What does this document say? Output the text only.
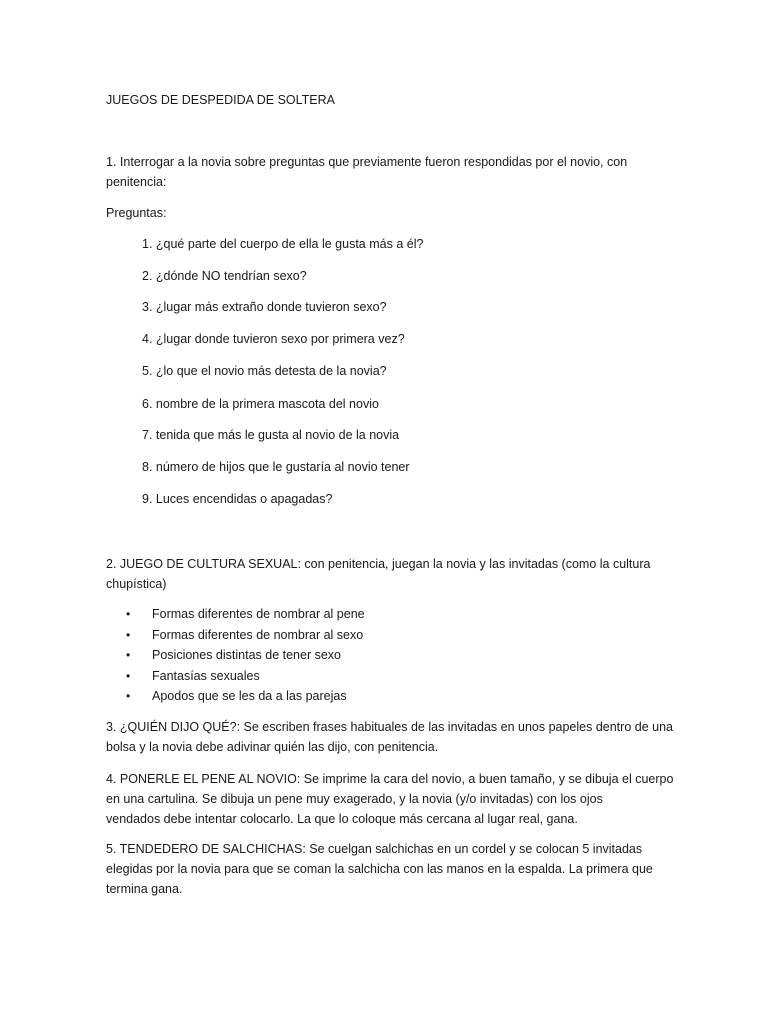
JUEGOS DE DESPEDIDA DE SOLTERA

1. Interrogar a la novia sobre preguntas que previamente fueron respondidas por el novio, con

penitencia:

Preguntas:

1. ¿qué parte del cuerpo de ella le gusta más a él?

2. ¿dónde NO tendrían sexo?

3. ¿lugar más extraño donde tuvieron sexo?

4. ¿lugar donde tuvieron sexo por primera vez?

5. ¿lo que el novio más detesta de la novia?

6. nombre de la primera mascota del novio

7. tenida que más le gusta al novio de la novia

8. número de hijos que le gustaría al novio tener

9. Luces encendidas o apagadas?

2. JUEGO DE CULTURA SEXUAL: con penitencia, juegan la novia y las invitadas (como la cultura

chupística)

• Formas diferentes de nombrar al pene
• Formas diferentes de nombrar al sexo
• Posiciones distintas de tener sexo
• Fantasías sexuales
• Apodos que se les da a las parejas

3. ¿QUIÉN DIJO QUÉ?: Se escriben frases habituales de las invitadas en unos papeles dentro de una

bolsa y la novia debe adivinar quién las dijo, con penitencia.

4. PONERLE EL PENE AL NOVIO: Se imprime la cara del novio, a buen tamaño, y se dibuja el cuerpo

en una cartulina. Se dibuja un pene muy exagerado, y la novia (y/o invitadas) con los ojos

vendados debe intentar colocarlo. La que lo coloque más cercana al lugar real, gana.

5. TENDEDERO DE SALCHICHAS: Se cuelgan salchichas en un cordel y se colocan 5 invitadas

elegidas por la novia para que se coman la salchicha con las manos en la espalda. La primera que

termina gana.
